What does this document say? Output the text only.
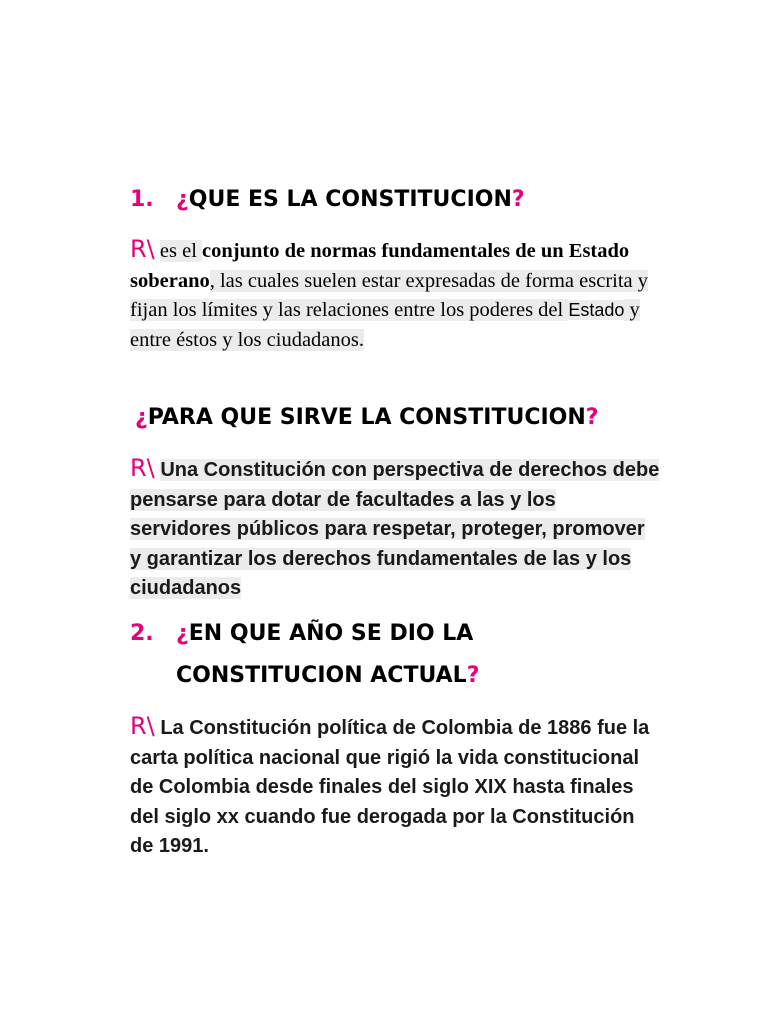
1. ¿QUE ES LA CONSTITUCION?

R\ es el conjunto de normas fundamentales de un Estado soberano, las cuales suelen estar expresadas de forma escrita y fijan los límites y las relaciones entre los poderes del Estado y entre éstos y los ciudadanos.

¿PARA QUE SIRVE LA CONSTITUCION?

R\ Una Constitución con perspectiva de derechos debe pensarse para dotar de facultades a las y los servidores públicos para respetar, proteger, promover y garantizar los derechos fundamentales de las y los ciudadanos

2. ¿EN QUE AÑO SE DIO LA
CONSTITUCION ACTUAL?

R\ La Constitución política de Colombia de 1886 fue la carta política nacional que rigió la vida constitucional de Colombia desde finales del siglo XIX hasta finales del siglo xx cuando fue derogada por la Constitución de 1991.
